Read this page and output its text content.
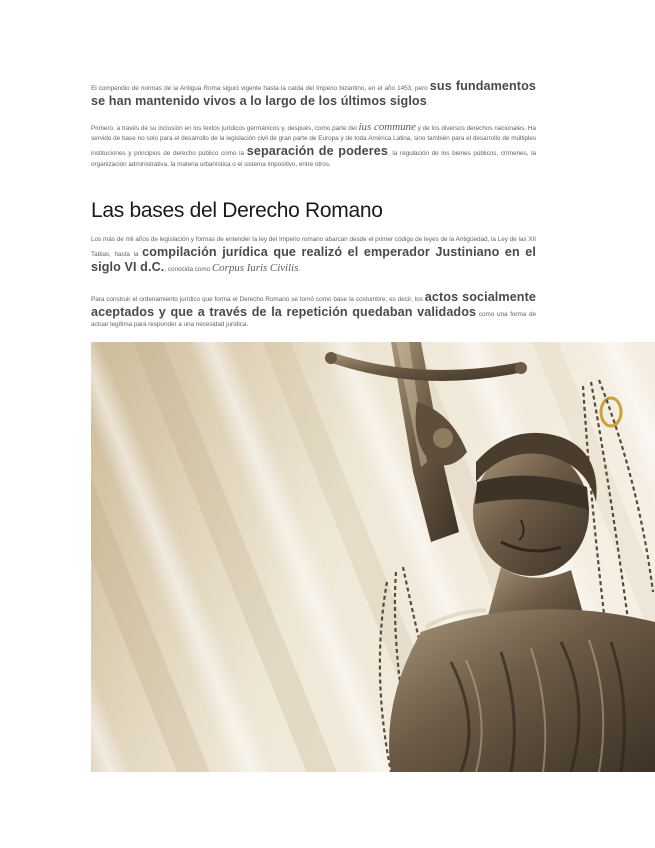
El compendio de normas de la Antigua Roma siguió vigente hasta la caída del Imperio bizantino, en el año 1453, pero sus fundamentos se han mantenido vivos a lo largo de los últimos siglos.

Primero, a través de su inclusión en los textos jurídicos germánicos y, después, como parte del ius commune y de los diversos derechos nacionales. Ha servido de base no solo para el desarrollo de la legislación civil de gran parte de Europa y de toda América Latina, sino también para el desarrollo de múltiples instituciones y principios de derecho público como la separación de poderes, la regulación de los bienes públicos, crímenes, la organización administrativa, la materia urbanística o el sistema impositivo, entre otros.

Las bases del Derecho Romano

Los más de mil años de legislación y formas de entender la ley del Imperio romano abarcan desde el primer código de leyes de la Antigüedad, la Ley de las XII Tablas, hasta la compilación jurídica que realizó el emperador Justiniano en el siglo VI d.C., conocida como Corpus Iuris Civilis.

Para construir el ordenamiento jurídico que forma el Derecho Romano se tomó como base la costumbre, es decir, los actos socialmente aceptados y que a través de la repetición quedaban validados como una forma de actuar legítima para responder a una necesidad jurídica.
